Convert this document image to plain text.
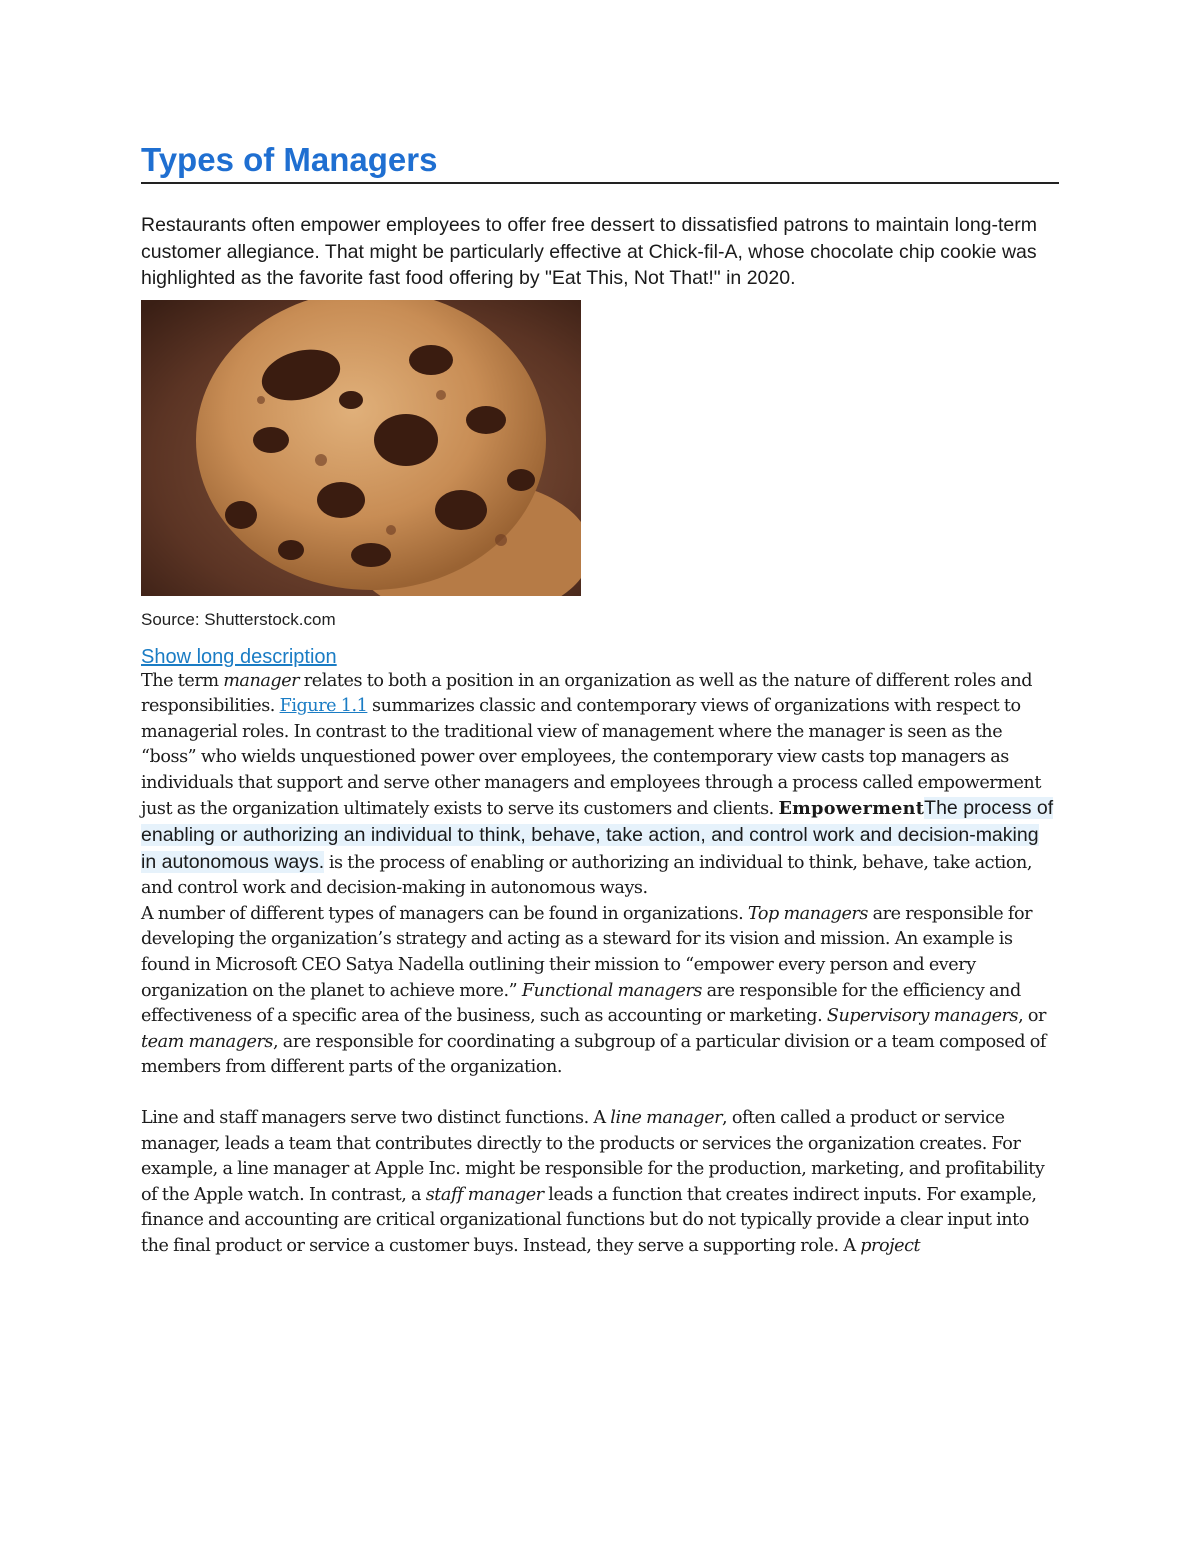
Types of Managers

Restaurants often empower employees to offer free dessert to dissatisfied patrons to maintain long-term customer allegiance. That might be particularly effective at Chick-fil-A, whose chocolate chip cookie was highlighted as the favorite fast food offering by "Eat This, Not That!" in 2020.

Source: Shutterstock.com
Show long description

The term manager relates to both a position in an organization as well as the nature of different roles and responsibilities. Figure 1.1 summarizes classic and contemporary views of organizations with respect to managerial roles. In contrast to the traditional view of management where the manager is seen as the “boss” who wields unquestioned power over employees, the contemporary view casts top managers as individuals that support and serve other managers and employees through a process called empowerment just as the organization ultimately exists to serve its customers and clients. EmpowermentThe process of enabling or authorizing an individual to think, behave, take action, and control work and decision-making in autonomous ways. is the process of enabling or authorizing an individual to think, behave, take action, and control work and decision-making in autonomous ways.

A number of different types of managers can be found in organizations. Top managers are responsible for developing the organization’s strategy and acting as a steward for its vision and mission. An example is found in Microsoft CEO Satya Nadella outlining their mission to “empower every person and every organization on the planet to achieve more.” Functional managers are responsible for the efficiency and effectiveness of a specific area of the business, such as accounting or marketing. Supervisory managers, or team managers, are responsible for coordinating a subgroup of a particular division or a team composed of members from different parts of the organization.

Line and staff managers serve two distinct functions. A line manager, often called a product or service manager, leads a team that contributes directly to the products or services the organization creates. For example, a line manager at Apple Inc. might be responsible for the production, marketing, and profitability of the Apple watch. In contrast, a staff manager leads a function that creates indirect inputs. For example, finance and accounting are critical organizational functions but do not typically provide a clear input into the final product or service a customer buys. Instead, they serve a supporting role. A project
